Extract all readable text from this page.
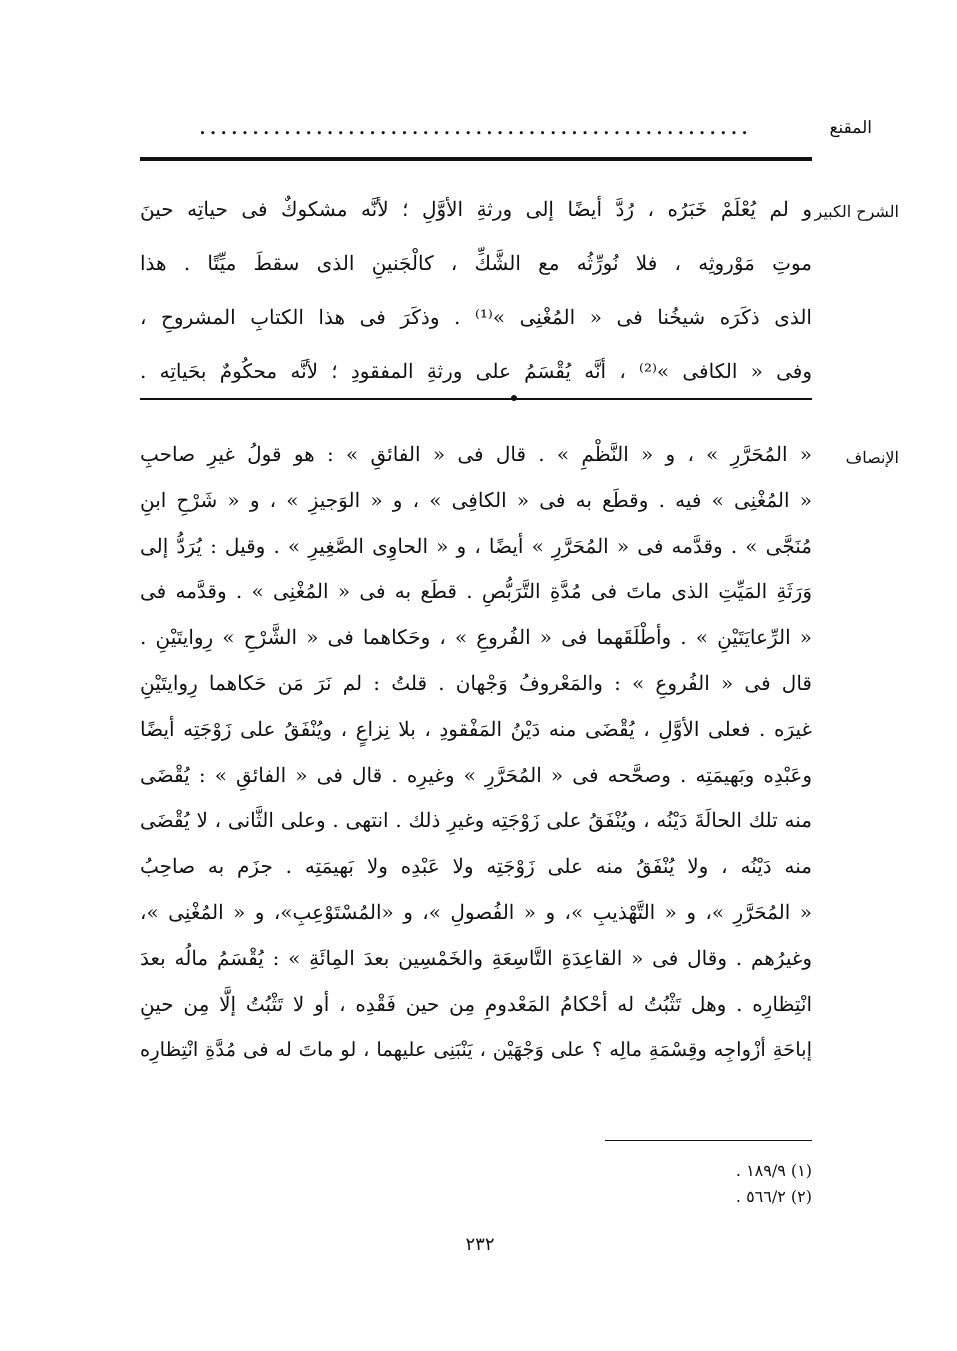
المقنع
....................................................
الشرح الكبير
و لم يُعْلَمْ خَبَرُه ، رُدَّ أيضًا إلى ورثةِ الأوَّلِ ؛ لأنَّه مشكوكٌ فى حياتِه حينَ
موتِ مَوْروثِه ، فلا نُورِّثُه مع الشَّكِّ ، كالْجَنينِ الذى سقطَ ميِّتًا . هذا
الذى ذكَرَه شيخُنا فى « المُغْنِى »⁽¹⁾ . وذكَرَ فى هذا الكتابِ المشروحِ ،
وفى « الكافى »⁽²⁾ ، أنَّه يُقْسَمُ على ورثةِ المفقودِ ؛ لأنَّه محكُومٌ بحَياتِه .
الإنصاف
« المُحَرَّرِ » ، و « النَّظْمِ » . قال فى « الفائقِ » : هو قولُ غيرِ صاحبِ
« المُغْنِى » فيه . وقطَع به فى « الكافِى » ، و « الوَجيزِ » ، و « شَرْحِ ابنِ
مُنَجَّى » . وقدَّمه فى « المُحَرَّرِ » أيضًا ، و « الحاوِى الصَّغِيرِ » . وقيل : يُرَدُّ إلى
وَرَثَةِ المَيِّتِ الذى ماتَ فى مُدَّةِ التَّرَبُّصِ . قطَع به فى « المُغْنِى » . وقدَّمه فى
« الرِّعايَتَيْنِ » . وأطْلَقَهما فى « الفُروعِ » ، وحَكاهما فى « الشَّرْحِ » رِوايتَيْنِ .
قال فى « الفُروعِ » : والمَعْروفُ وَجْهان . قلتُ : لم نَرَ مَن حَكاهما رِوايتَيْنِ
غيرَه . فعلى الأوَّلِ ، يُقْضَى منه دَيْنُ المَفْقودِ ، بلا نِزاعٍ ، ويُنْفَقُ على زَوْجَتِه أيضًا
وعَبْدِه وبَهيمَتِه . وصحَّحه فى « المُحَرَّرِ » وغيرِه . قال فى « الفائقِ » : يُقْضَى
منه تلك الحالَةَ دَيْنُه ، ويُنْفَقُ على زَوْجَتِه وغيرِ ذلك . انتهى . وعلى الثَّانى ، لا يُقْضَى
منه دَيْنُه ، ولا يُنْفَقُ منه على زَوْجَتِه ولا عَبْدِه ولا بَهيمَتِه . جزَم به صاحِبُ
« المُحَرَّرِ »، و « التَّهْذيبِ »، و « الفُصولِ »، و «المُسْتَوْعِبِ»، و « المُغْنِى »،
وغيرُهم . وقال فى « القاعِدَةِ التَّاسِعَةِ والخَمْسِين بعدَ المِائَةِ » : يُقْسَمُ مالُه بعدَ
انْتِظارِه . وهل تَثْبُتُ له أحْكامُ المَعْدومِ مِن حين فَقْدِه ، أو لا تَثْبُتُ إلَّا مِن حينِ
إباحَةِ أزْواجِه وقِسْمَةِ مالِه ؟ على وَجْهَيْن ، يَنْبَنِى عليهما ، لو ماتَ له فى مُدَّةِ انْتِظارِه
(١) ١٨٩/٩ .
(٢) ٥٦٦/٢ .
٢٣٢
